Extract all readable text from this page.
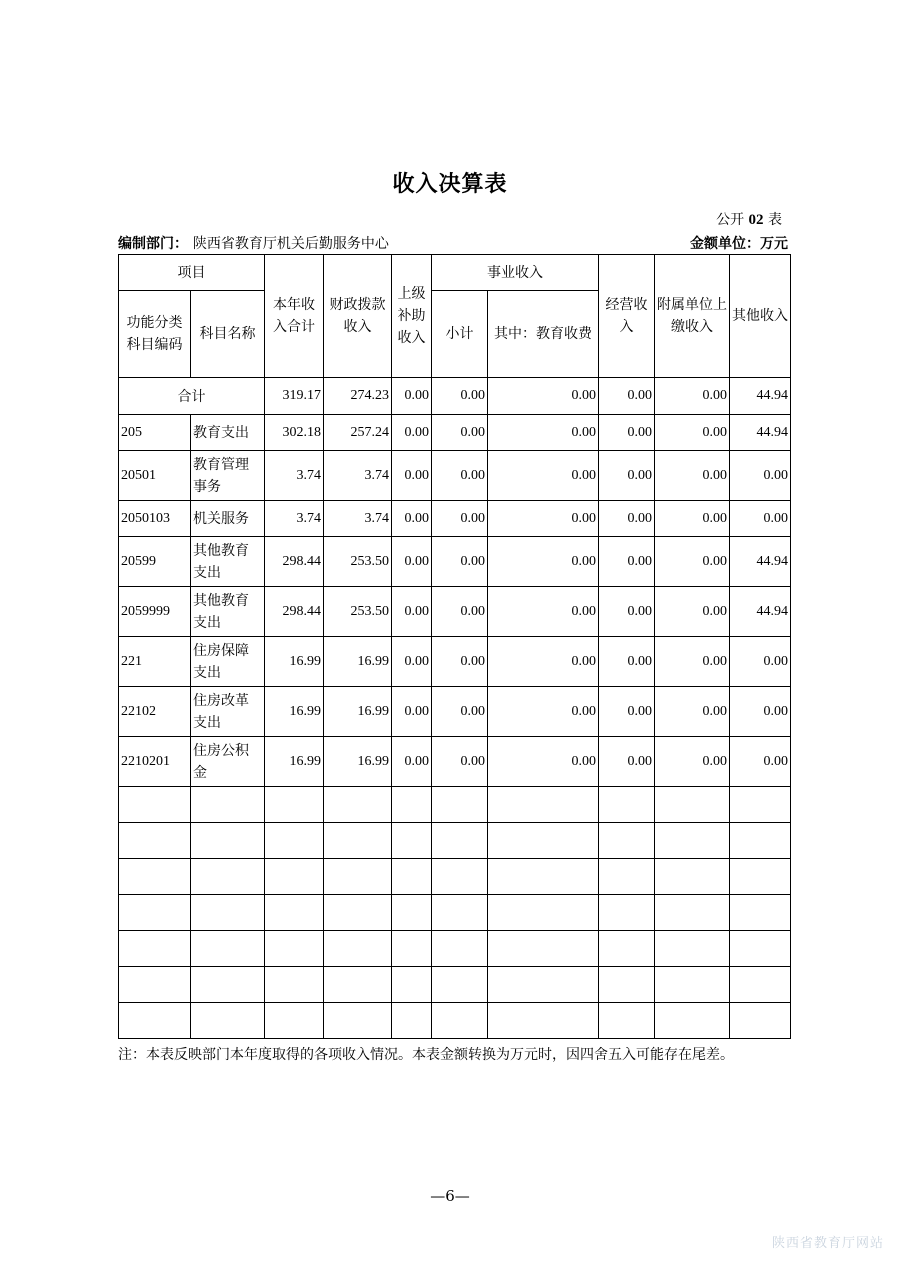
收入决算表
公开 02 表
编制部门： 陕西省教育厅机关后勤服务中心	金额单位：万元
项目		本年收入合计	财政拨款收入	上级补助收入	事业收入		经营收入	附属单位上缴收入	其他收入
功能分类科目编码	科目名称				小计	其中：教育收费			
合计		319.17	274.23	0.00	0.00	0.00	0.00	0.00	44.94
205	教育支出	302.18	257.24	0.00	0.00	0.00	0.00	0.00	44.94
20501	教育管理事务	3.74	3.74	0.00	0.00	0.00	0.00	0.00	0.00
2050103	机关服务	3.74	3.74	0.00	0.00	0.00	0.00	0.00	0.00
20599	其他教育支出	298.44	253.50	0.00	0.00	0.00	0.00	0.00	44.94
2059999	其他教育支出	298.44	253.50	0.00	0.00	0.00	0.00	0.00	44.94
221	住房保障支出	16.99	16.99	0.00	0.00	0.00	0.00	0.00	0.00
22102	住房改革支出	16.99	16.99	0.00	0.00	0.00	0.00	0.00	0.00
2210201	住房公积金	16.99	16.99	0.00	0.00	0.00	0.00	0.00	0.00

注：本表反映部门本年度取得的各项收入情况。本表金额转换为万元时，因四舍五入可能存在尾差。
—6—
陕西省教育厅网站
